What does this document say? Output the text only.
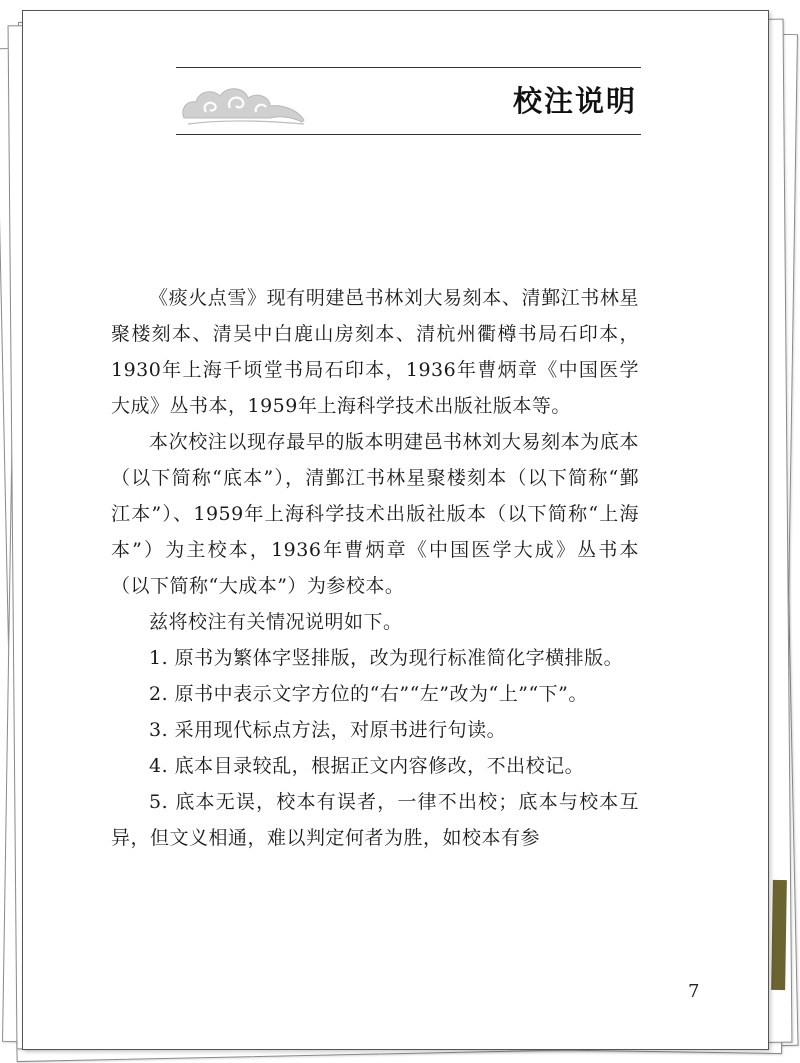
校注说明

《痰火点雪》现有明建邑书林刘大易刻本、清鄞江书林星聚楼刻本、清吴中白鹿山房刻本、清杭州衢樽书局石印本，1930年上海千顷堂书局石印本，1936年曹炳章《中国医学大成》丛书本，1959年上海科学技术出版社版本等。

本次校注以现存最早的版本明建邑书林刘大易刻本为底本（以下简称“底本”），清鄞江书林星聚楼刻本（以下简称“鄞江本”）、1959年上海科学技术出版社版本（以下简称“上海本”）为主校本，1936年曹炳章《中国医学大成》丛书本（以下简称“大成本”）为参校本。

兹将校注有关情况说明如下。

1. 原书为繁体字竖排版，改为现行标准简化字横排版。

2. 原书中表示文字方位的“右”“左”改为“上”“下”。

3. 采用现代标点方法，对原书进行句读。

4. 底本目录较乱，根据正文内容修改，不出校记。

5. 底本无误，校本有误者，一律不出校；底本与校本互异，但文义相通，难以判定何者为胜，如校本有参

7
